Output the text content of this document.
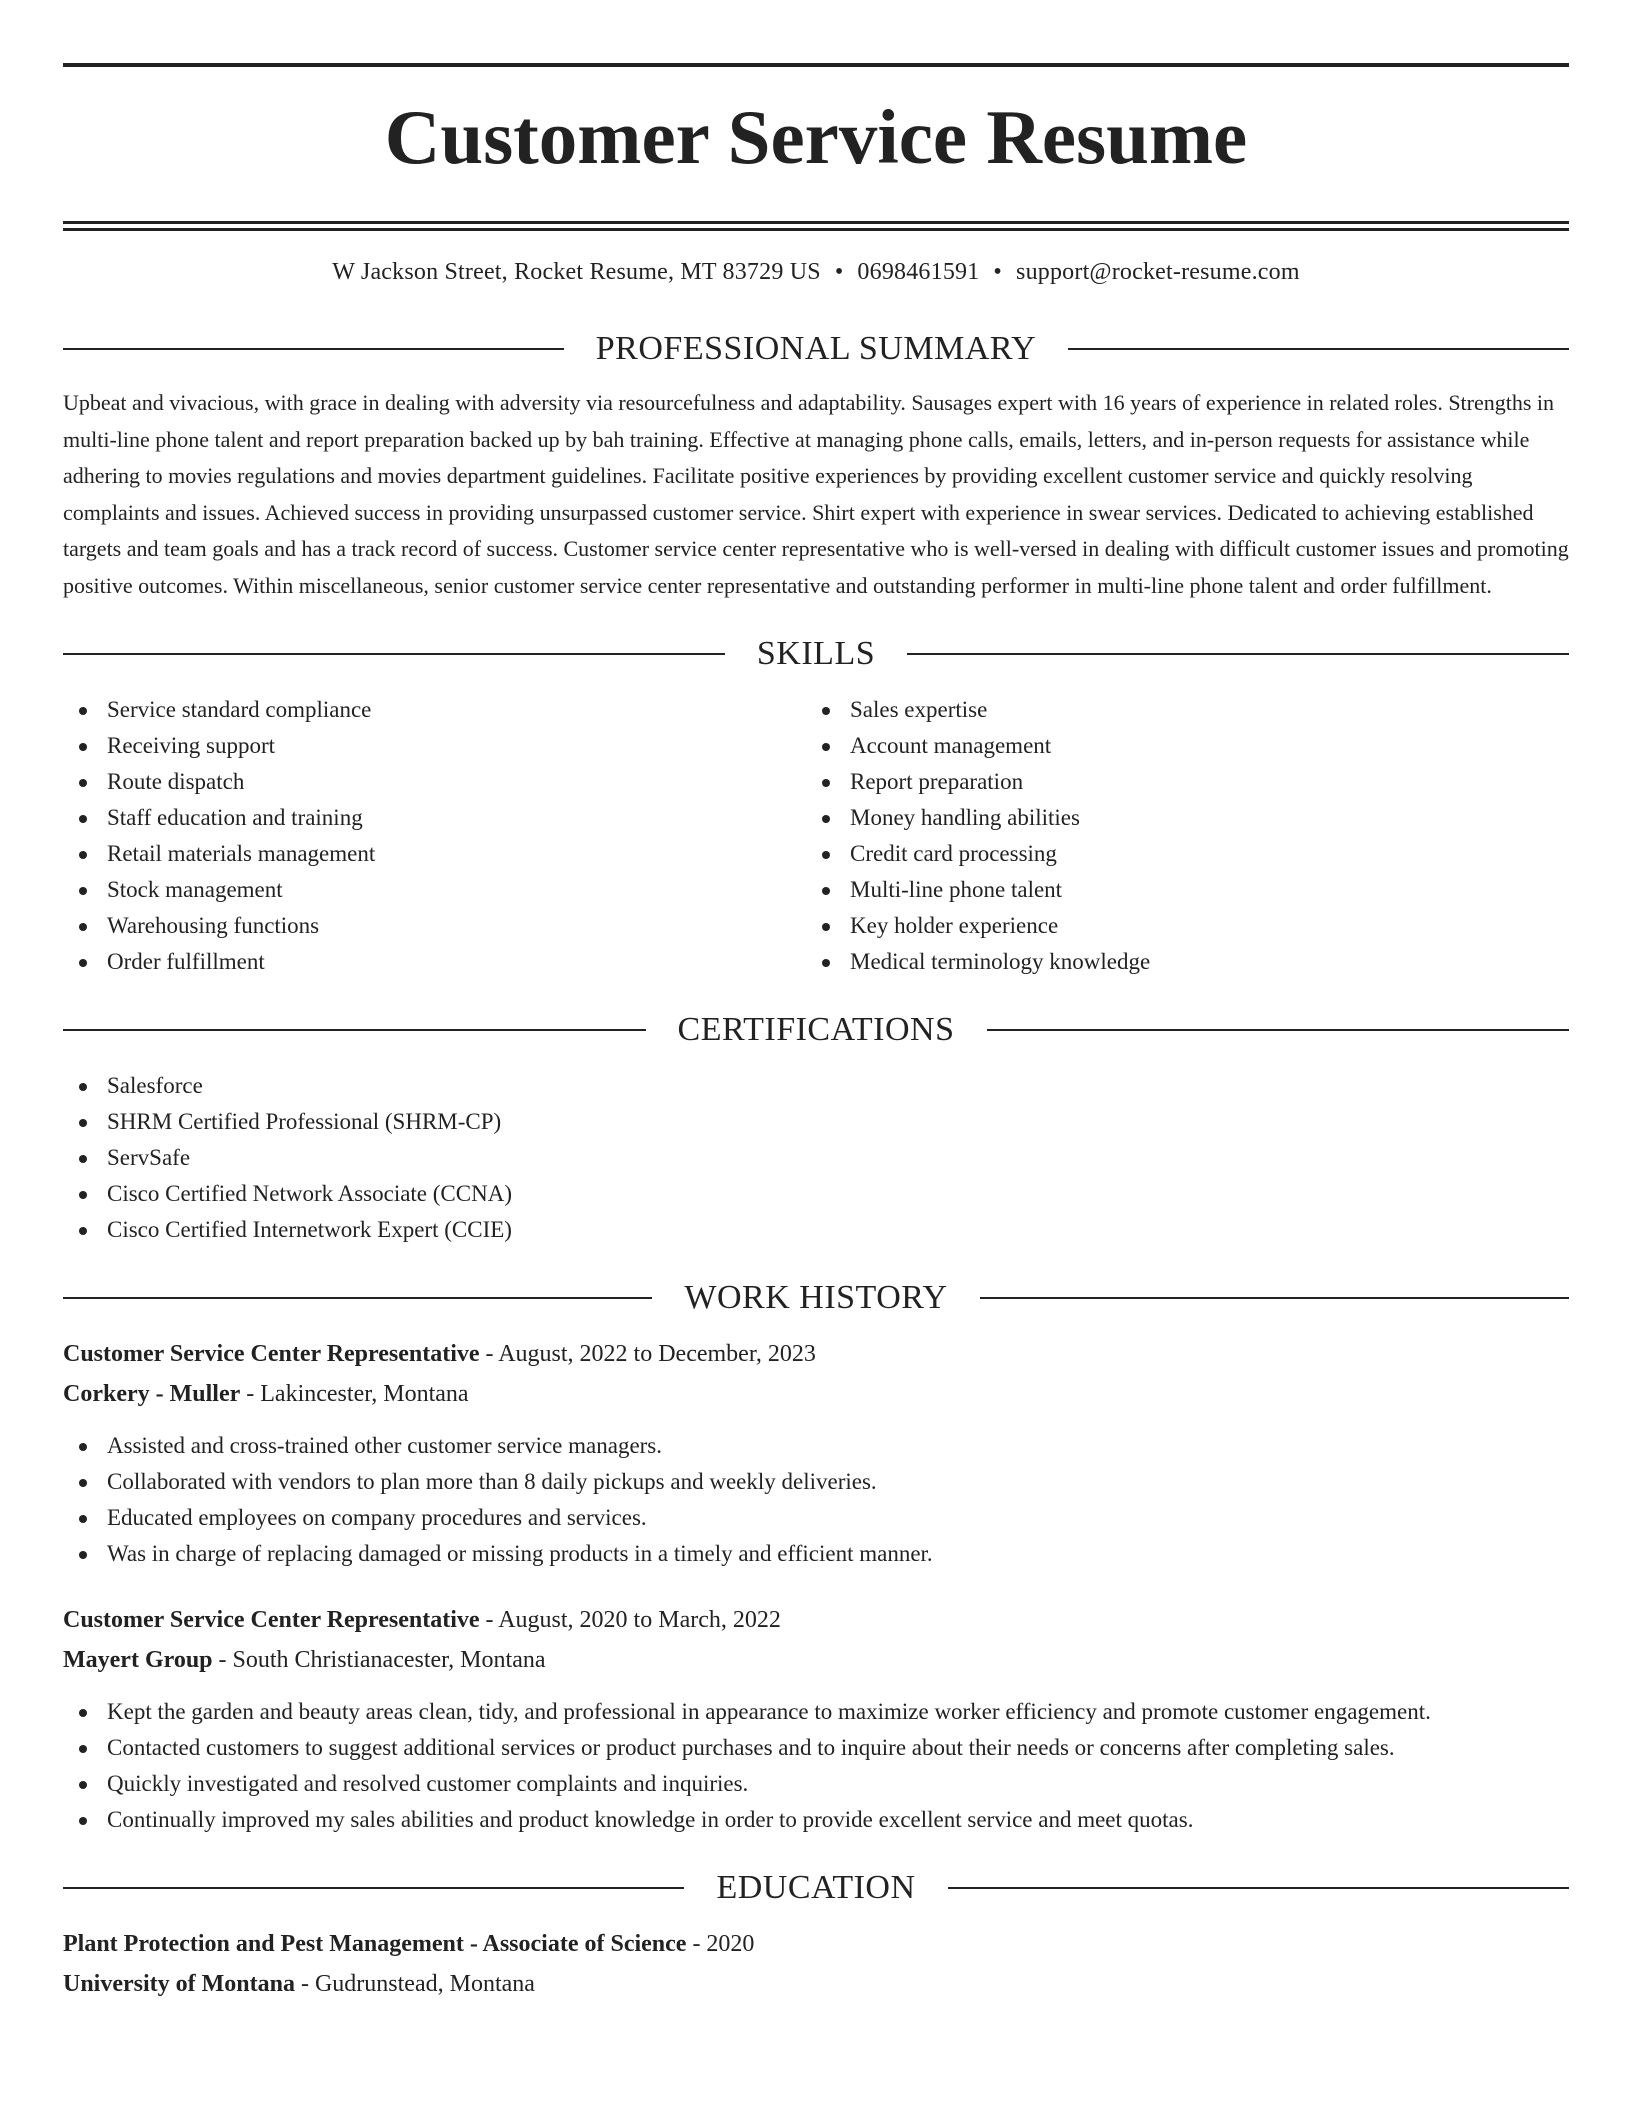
Customer Service Resume
W Jackson Street, Rocket Resume, MT 83729 US • 0698461591 • support@rocket-resume.com
PROFESSIONAL SUMMARY

Upbeat and vivacious, with grace in dealing with adversity via resourcefulness and adaptability. Sausages expert with 16 years of experience in related roles. Strengths in multi-line phone talent and report preparation backed up by bah training. Effective at managing phone calls, emails, letters, and in-person requests for assistance while adhering to movies regulations and movies department guidelines. Facilitate positive experiences by providing excellent customer service and quickly resolving complaints and issues. Achieved success in providing unsurpassed customer service. Shirt expert with experience in swear services. Dedicated to achieving established targets and team goals and has a track record of success. Customer service center representative who is well-versed in dealing with difficult customer issues and promoting positive outcomes. Within miscellaneous, senior customer service center representative and outstanding performer in multi-line phone talent and order fulfillment.

SKILLS
Service standard compliance
Receiving support
Route dispatch
Staff education and training
Retail materials management
Stock management
Warehousing functions
Order fulfillment
Sales expertise
Account management
Report preparation
Money handling abilities
Credit card processing
Multi-line phone talent
Key holder experience
Medical terminology knowledge
CERTIFICATIONS
Salesforce
SHRM Certified Professional (SHRM-CP)
ServSafe
Cisco Certified Network Associate (CCNA)
Cisco Certified Internetwork Expert (CCIE)
WORK HISTORY
Customer Service Center Representative - August, 2022 to December, 2023
Corkery - Muller - Lakincester, Montana
Assisted and cross-trained other customer service managers.
Collaborated with vendors to plan more than 8 daily pickups and weekly deliveries.
Educated employees on company procedures and services.
Was in charge of replacing damaged or missing products in a timely and efficient manner.
Customer Service Center Representative - August, 2020 to March, 2022
Mayert Group - South Christianacester, Montana
Kept the garden and beauty areas clean, tidy, and professional in appearance to maximize worker efficiency and promote customer engagement.
Contacted customers to suggest additional services or product purchases and to inquire about their needs or concerns after completing sales.
Quickly investigated and resolved customer complaints and inquiries.
Continually improved my sales abilities and product knowledge in order to provide excellent service and meet quotas.
EDUCATION
Plant Protection and Pest Management - Associate of Science - 2020
University of Montana - Gudrunstead, Montana
